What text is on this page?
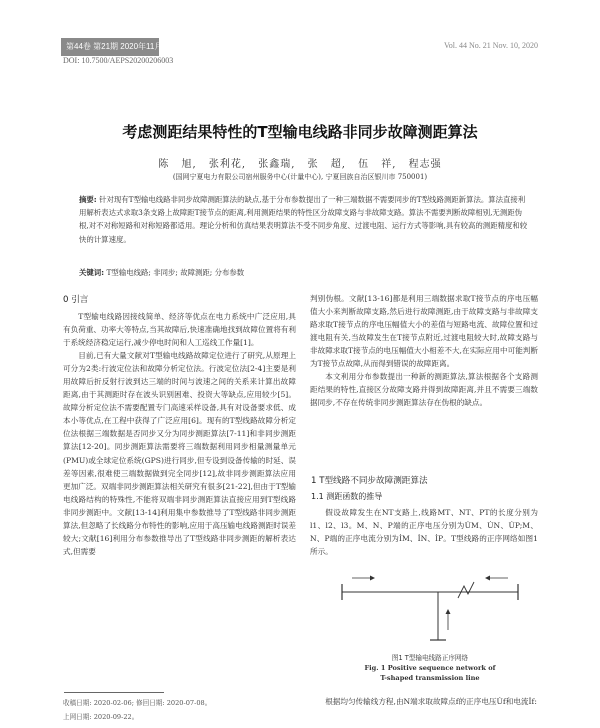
第44卷 第21期 2020年11月10日	Vol. 44 No. 21 Nov. 10, 2020
DOI: 10.7500/AEPS20200206003
考虑测距结果特性的T型输电线路非同步故障测距算法
陈 旭, 张利花, 张鑫瑞, 张 超, 伍 祥, 程志强
(国网宁夏电力有限公司宿州服务中心(计量中心), 宁夏回族自治区银川市 750001)
摘要: 针对现有T型输电线路非同步故障测距算法的缺点,基于分布参数提出了一种三端数据不需要同步的T型线路测距新算法。算法直接利用解析表达式求取3条支路上故障距T接节点的距离,利用测距结果的特性区分故障支路与非故障支路。算法不需要判断故障相别,无测距伪根,对不对称短路和对称短路都适用。理论分析和仿真结果表明算法不受不同步角度、过渡电阻、运行方式等影响,具有较高的测距精度和较快的计算速度。
关键词: T型输电线路; 非同步; 故障测距; 分布参数
0 引言

T型输电线路因接线简单、经济等优点在电力系统中广泛应用,具有负荷重、功率大等特点,当其故障后,快速准确地找到故障位置将有利于系统经济稳定运行,减少停电时间和人工巡线工作量[1]。

目前,已有大量文献对T型输电线路故障定位进行了研究,从原理上可分为2类:行波定位法和故障分析定位法。行波定位法[2-4]主要是利用故障后折反射行波到达三端的时间与波速之间的关系来计算出故障距离,由于其测距时存在波头识别困难、投资大等缺点,应用较少[5]。故障分析定位法不需要配置专门高速采样设备,具有对设备要求低、成本小等优点,在工程中获得了广泛应用[6]。现有的T型线路故障分析定位法根据三端数据是否同步又分为同步测距算法[7-11]和非同步测距算法[12-20]。同步测距算法需要将三端数据利用同步相量测量单元(PMU)或全球定位系统(GPS)进行同步,但专设到设备传输的时延、误差等因素,很难使三端数据做到完全同步[12],故非同步测距算法应用更加广泛。双端非同步测距算法相关研究有很多[21-22],但由于T型输电线路结构的特殊性,不能将双端非同步测距算法直接应用到T型线路非同步测距中。文献[13-14]利用集中参数推导了T型线路非同步测距算法,但忽略了长线路分布特性的影响,应用于高压输电线路测距时误差较大;文献[16]利用分布参数推导出了T型线路非同步测距的解析表达式,但需要

判别伪根。文献[13-16]都是利用三端数据求取T接节点的序电压幅值大小来判断故障支路,然后进行故障测距,由于故障支路与非故障支路求取T接节点的序电压幅值大小的差值与短路电流、故障位置和过渡电阻有关,当故障发生在T接节点附近,过渡电阻较大时,故障支路与非故障求取T接节点的电压幅值大小相差不大,在实际应用中可能判断为T接节点故障,从而得到错误的故障距离。

本文利用分布参数提出一种新的测距算法,算法根据各个支路测距结果的特性,直接区分故障支路并得到故障距离,并且不需要三端数据同步,不存在传统非同步测距算法存在伪根的缺点。

1 T型线路不同步故障测距算法
1.1 测距函数的推导

假设故障发生在NT支路上,线路MT、NT、PT的长度分别为l1、l2、l3。M、N、P端的正序电压分别为U̇M、U̇N、U̇P;M、N、P端的正序电流分别为İM、İN、İP。T型线路的正序网络如图1所示。

图1 T型输电线路正序网络
Fig. 1 Positive sequence network of
T-shaped transmission line

根据均匀传输线方程,由N端求取故障点f的正序电压U̇f和电流İf:

收稿日期: 2020-02-06; 修回日期: 2020-07-08。
上网日期: 2020-09-22。
